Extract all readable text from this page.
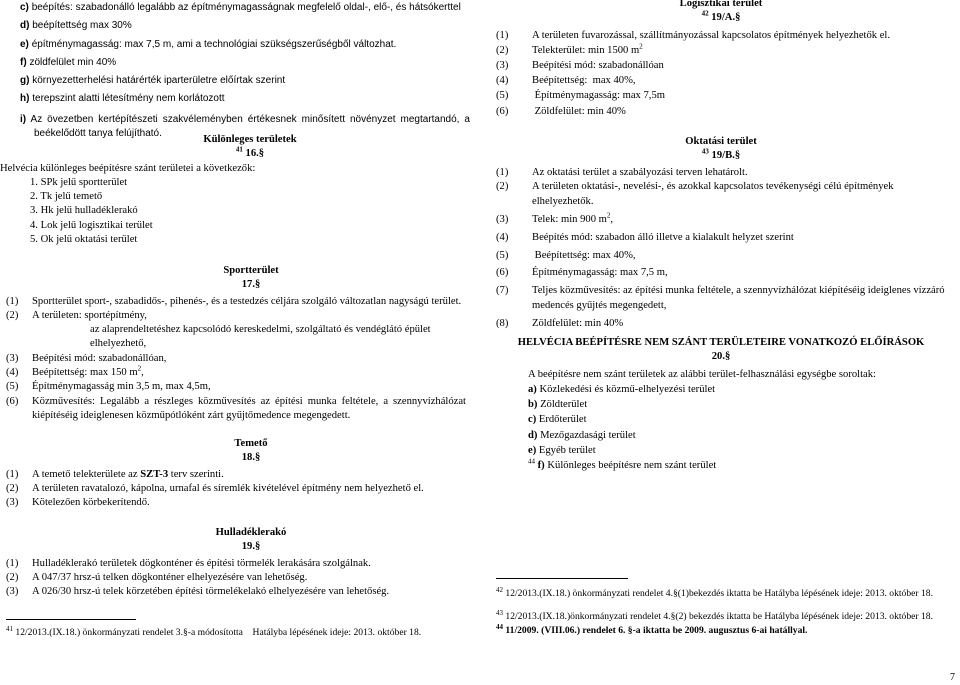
c) beépítés: szabadonálló legalább az építménymagasságnak megfelelő oldal-, elő-, és hátsókerttel
d) beépítettség max 30%
e) építménymagasság: max 7,5 m, ami a technológiai szükségszerűségből változhat.
f) zöldfelület min 40%
g) környezetterhelési határérték iparterületre előírtak szerint
h) terepszint alatti létesítmény nem korlátozott
i) Az övezetben kertépítészeti szakvéleményben értékesnek minősített növényzet megtartandó, a beékelődött tanya felújítható.
Különleges területek
$^{41}$ 16.§
Helvécia különleges beépítésre szánt területei a következők:
1. SPk jelű sportterület
2. Tk jelű temető
3. Hk jelű hulladéklerakó
4. Lok jelű logisztikai terület
5. Ok jelű oktatási terület
Sportterület
17.§
(1) Sportterület sport-, szabadidős-, pihenés-, és a testedzés céljára szolgáló változatlan nagyságú terület.
(2) A területen: sportépítmény,
az alaprendeltetéshez kapcsolódó kereskedelmi, szolgáltató és vendéglátó épület elhelyezhető,
(3) Beépítési mód: szabadonállóan,
(4) Beépítettség: max 150 $m^2$,
(5) Építménymagasság min 3,5 m, max 4,5m,
(6)	Közművesítés: Legalább a részleges közművesítés az építési munka feltétele, a szennyvízhálózat kiépítéséig ideiglenesen közműpótlóként zárt gyűjtőmedence megengedett.
Temető
18.§
(1) A temető telekterülete az SZT-3 terv szerinti.
(2) A területen ravatalozó, kápolna, urnafal és síremlék kivételével építmény nem helyezhető el.
(3) Kötelezően körbekerítendő.
Hulladéklerakó
19.§
(1) Hulladéklerakó területek dögkonténer és építési törmelék lerakására szolgálnak.
(2) A 047/37 hrsz-ú telken dögkonténer elhelyezésére van lehetőség.
(3) A 026/30 hrsz-ú telek körzetében építési törmelékelakó elhelyezésére van lehetőség.
$^{41}$ 12/2013.(IX.18.) önkormányzati rendelet 3.§-a módosította    Hatályba lépésének ideje: 2013. október 18.
Logisztikai terület
$^{42}$ 19/A.§
(1) A területen fuvarozással, szállítmányozással kapcsolatos építmények helyezhetők el.
(2) Telekterület: min 1500 $m^2$
(3) Beépítési mód: szabadonállóan
(4) Beépítettség:  max 40%,
(5) Építménymagasság: max 7,5m
(6) Zöldfelület: min 40%
Oktatási terület
$^{43}$ 19/B.§
(1) Az oktatási terület a szabályozási terven lehatárolt.
(2)	A területen oktatási-, nevelési-, és azokkal kapcsolatos tevékenységi célú építmények elhelyezhetők.
(3) Telek: min 900 $m^2$,
(4) Beépítés mód: szabadon álló illetve a kialakult helyzet szerint
(5) Beépítettség: max 40%,
(6) Építménymagasság: max 7,5 m,
(7)	Teljes közművesítés: az építési munka feltétele, a szennyvízhálózat kiépítéséig ideiglenes vízzáró medencés gyűjtés megengedett,
(8) Zöldfelület: min 40%
HELVÉCIA BEÉPÍTÉSRE NEM SZÁNT TERÜLETEIRE VONATKOZÓ ELŐÍRÁSOK
20.§
A beépítésre nem szánt területek az alábbi terület-felhasználási egységbe soroltak:
a) Közlekedési és közmű-elhelyezési terület
b) Zöldterület
c) Erdőterület
d) Mezőgazdasági terület
e) Egyéb terület
$^{44}$ f) Különleges beépítésre nem szánt terület
$^{42}$ 12/2013.(IX.18.) önkormányzati rendelet 4.§(1)bekezdés iktatta be Hatályba lépésének ideje: 2013. október 18.
$^{43}$ 12/2013.(IX.18.)önkormányzati rendelet 4.§(2) bekezdés iktatta be Hatályba lépésének ideje: 2013. október 18.
$^{44}$ 11/2009. (VIII.06.) rendelet 6. §-a iktatta be 2009. augusztus 6-ai hatállyal.
7
